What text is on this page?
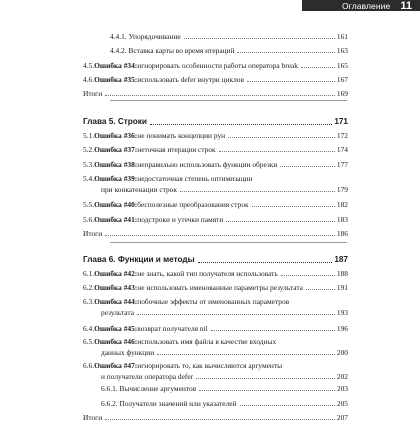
Оглавление 11
4.4.1. Упорядочивание	161
4.4.2. Вставка карты во время итераций	163
4.5. Ошибка #34: игнорировать особенности работы оператора break	165
4.6. Ошибка #35: использовать defer внутри циклов	167
Итоги	169
Глава 5. Строки	171
5.1. Ошибка #36: не понимать концепции рун	172
5.2. Ошибка #37: неточная итерация строк	174
5.3. Ошибка #38: неправильно использовать функции обрезки	177
5.4. Ошибка #39: недостаточная степень оптимизации
при конкатенации строк	179
5.5. Ошибка #40: бесполезные преобразования строк	182
5.6. Ошибка #41: подстроки и утечки памяти	183
Итоги	186
Глава 6. Функции и методы	187
6.1. Ошибка #42: не знать, какой тип получателя использовать	188
6.2. Ошибка #43: не использовать именованные параметры результата	191
6.3. Ошибка #44: побочные эффекты от именованных параметров
результата	193
6.4. Ошибка #45: возврат получателя nil	196
6.5. Ошибка #46: использовать имя файла в качестве входных
данных функции	200
6.6. Ошибка #47: игнорировать то, как вычисляются аргументы
и получатели оператора defer	202
6.6.1. Вычисление аргументов	203
6.6.2. Получатели значений или указателей	205
Итоги	207
